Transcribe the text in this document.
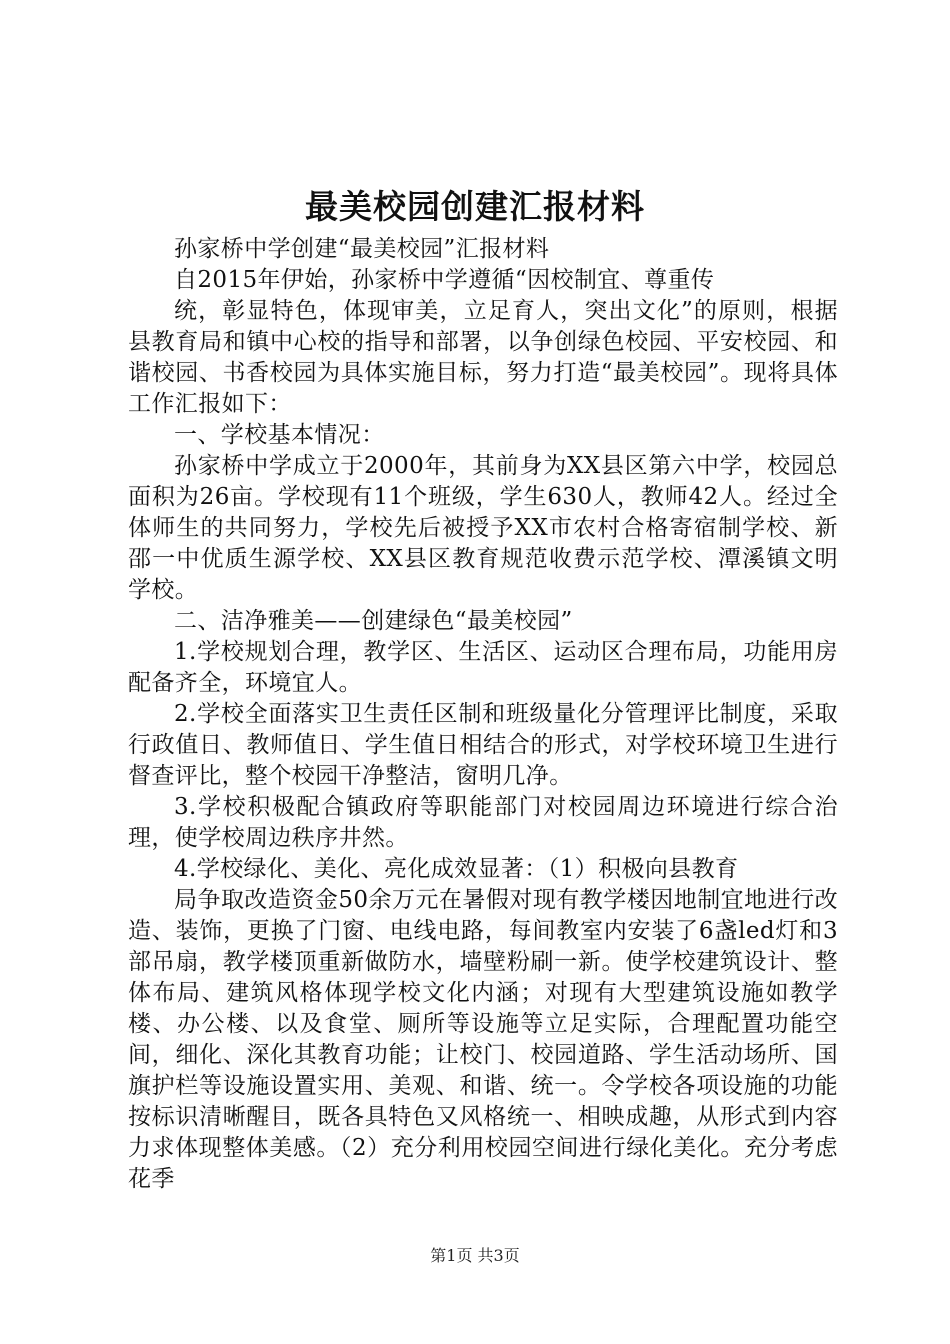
最美校园创建汇报材料

孙家桥中学创建“最美校园”汇报材料

自2015年伊始，孙家桥中学遵循“因校制宜、尊重传

统，彰显特色，体现审美，立足育人，突出文化”的原则，根据县教育局和镇中心校的指导和部署，以争创绿色校园、平安校园、和谐校园、书香校园为具体实施目标，努力打造“最美校园”。现将具体工作汇报如下：

一、学校基本情况：

孙家桥中学成立于2000年，其前身为XX县区第六中学，校园总面积为26亩。学校现有11个班级，学生630人，教师42人。经过全体师生的共同努力，学校先后被授予XX市农村合格寄宿制学校、新邵一中优质生源学校、XX县区教育规范收费示范学校、潭溪镇文明学校。

二、洁净雅美——创建绿色“最美校园”

1.学校规划合理，教学区、生活区、运动区合理布局，功能用房配备齐全，环境宜人。

2.学校全面落实卫生责任区制和班级量化分管理评比制度，采取行政值日、教师值日、学生值日相结合的形式，对学校环境卫生进行督查评比，整个校园干净整洁，窗明几净。

3.学校积极配合镇政府等职能部门对校园周边环境进行综合治理，使学校周边秩序井然。

4.学校绿化、美化、亮化成效显著：（1）积极向县教育

局争取改造资金50余万元在暑假对现有教学楼因地制宜地进行改造、装饰，更换了门窗、电线电路，每间教室内安装了6盏led灯和3部吊扇，教学楼顶重新做防水，墙壁粉刷一新。使学校建筑设计、整体布局、建筑风格体现学校文化内涵；对现有大型建筑设施如教学楼、办公楼、以及食堂、厕所等设施等立足实际，合理配置功能空间，细化、深化其教育功能；让校门、校园道路、学生活动场所、国旗护栏等设施设置实用、美观、和谐、统一。令学校各项设施的功能按标识清晰醒目，既各具特色又风格统一、相映成趣，从形式到内容力求体现整体美感。（2）充分利用校园空间进行绿化美化。充分考虑花季

第1页 共3页
